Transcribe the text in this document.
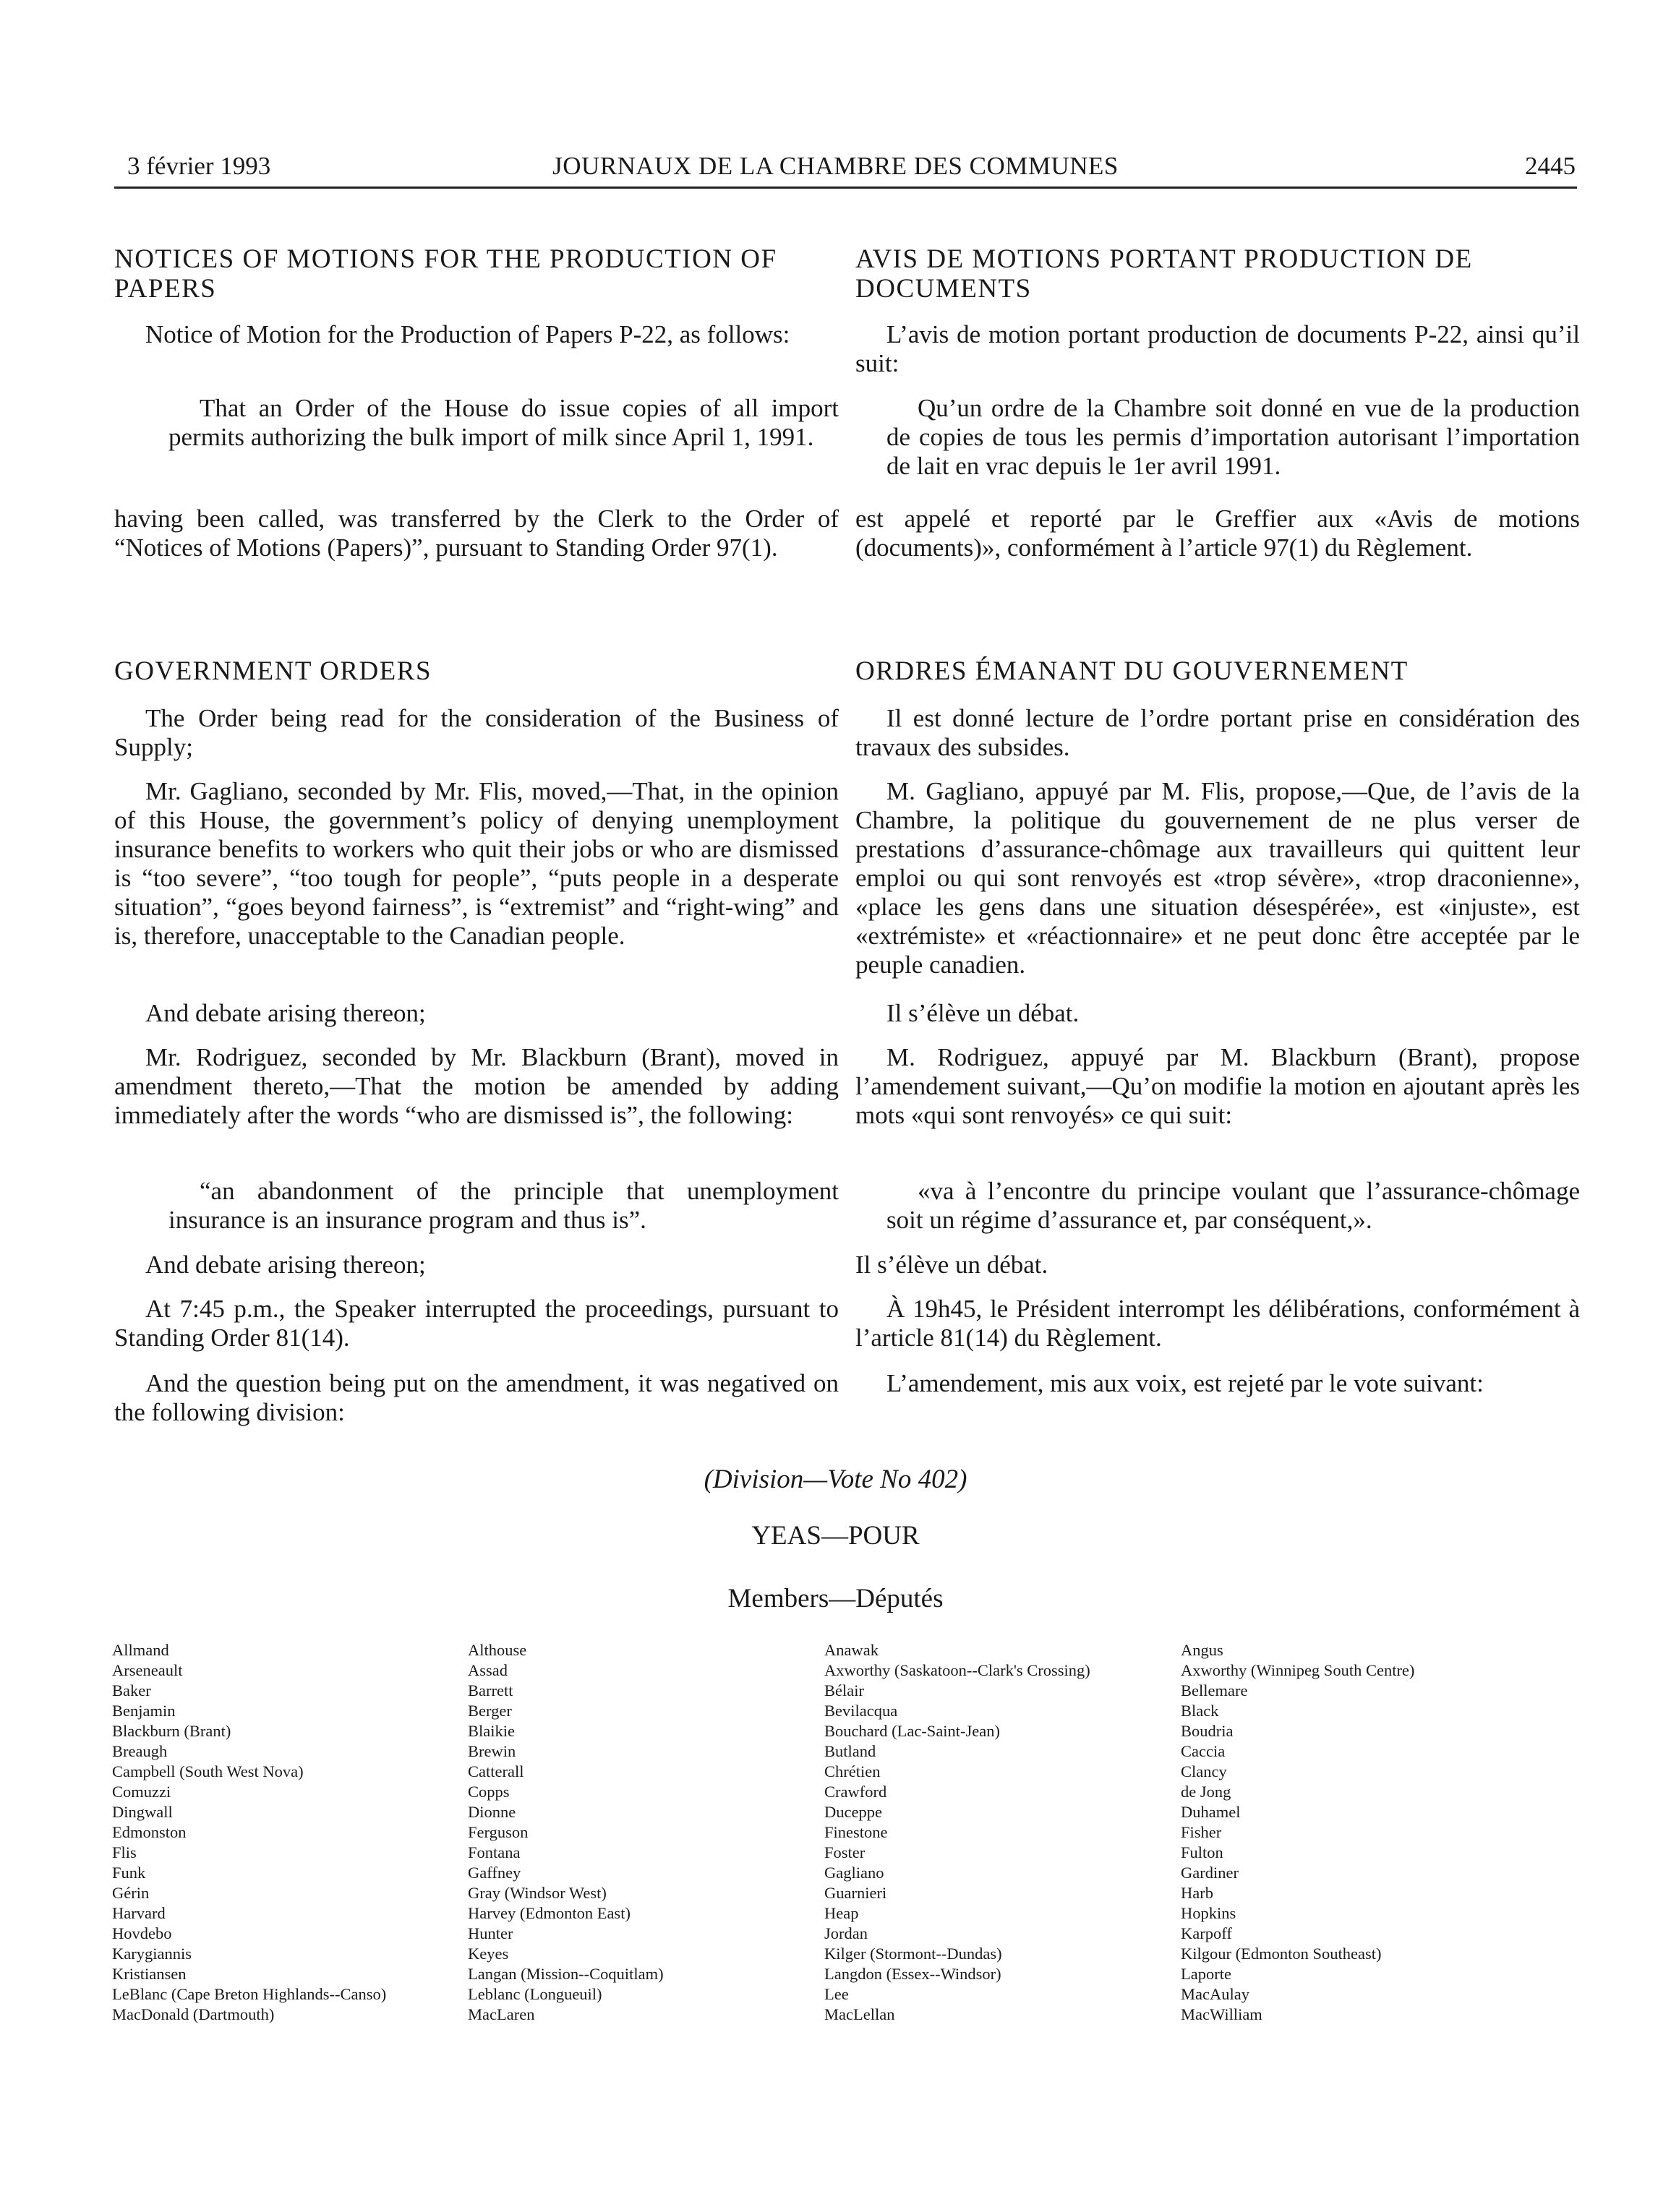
3 février 1993	JOURNAUX DE LA CHAMBRE DES COMMUNES	2445
NOTICES OF MOTIONS FOR THE PRODUCTION OF PAPERS

Notice of Motion for the Production of Papers P-22, as follows:

That an Order of the House do issue copies of all import permits authorizing the bulk import of milk since April 1, 1991.

having been called, was transferred by the Clerk to the Order of “Notices of Motions (Papers)”, pursuant to Standing Order 97(1).

GOVERNMENT ORDERS

The Order being read for the consideration of the Business of Supply;

Mr. Gagliano, seconded by Mr. Flis, moved,—That, in the opinion of this House, the government’s policy of denying unemployment insurance benefits to workers who quit their jobs or who are dismissed is “too severe”, “too tough for people”, “puts people in a desperate situation”, “goes beyond fairness”, is “extremist” and “right-wing” and is, therefore, unacceptable to the Canadian people.

And debate arising thereon;

Mr. Rodriguez, seconded by Mr. Blackburn (Brant), moved in amendment thereto,—That the motion be amended by adding immediately after the words “who are dismissed is”, the following:

“an abandonment of the principle that unemployment insurance is an insurance program and thus is”.

And debate arising thereon;

At 7:45 p.m., the Speaker interrupted the proceedings, pursuant to Standing Order 81(14).

And the question being put on the amendment, it was negatived on the following division:

AVIS DE MOTIONS PORTANT PRODUCTION DE DOCUMENTS

L’avis de motion portant production de documents P-22, ainsi qu’il suit:

Qu’un ordre de la Chambre soit donné en vue de la production de copies de tous les permis d’importation autorisant l’importation de lait en vrac depuis le 1er avril 1991.

est appelé et reporté par le Greffier aux «Avis de motions (documents)», conformément à l’article 97(1) du Règlement.

ORDRES ÉMANANT DU GOUVERNEMENT

Il est donné lecture de l’ordre portant prise en considération des travaux des subsides.

M. Gagliano, appuyé par M. Flis, propose,—Que, de l’avis de la Chambre, la politique du gouvernement de ne plus verser de prestations d’assurance-chômage aux travailleurs qui quittent leur emploi ou qui sont renvoyés est «trop sévère», «trop draconienne», «place les gens dans une situation désespérée», est «injuste», est «extrémiste» et «réactionnaire» et ne peut donc être acceptée par le peuple canadien.

Il s’élève un débat.

M. Rodriguez, appuyé par M. Blackburn (Brant), propose l’amendement suivant,—Qu’on modifie la motion en ajoutant après les mots «qui sont renvoyés» ce qui suit:

«va à l’encontre du principe voulant que l’assurance-chômage soit un régime d’assurance et, par conséquent,».

Il s’élève un débat.

À 19h45, le Président interrompt les délibérations, conformément à l’article 81(14) du Règlement.

L’amendement, mis aux voix, est rejeté par le vote suivant:

(Division—Vote No 402)
YEAS—POUR
Members—Députés
Allmand
Arseneault
Baker
Benjamin
Blackburn (Brant)
Breaugh
Campbell (South West Nova)
Comuzzi
Dingwall
Edmonston
Flis
Funk
Gérin
Harvard
Hovdebo
Karygiannis
Kristiansen
LeBlanc (Cape Breton Highlands--Canso)
MacDonald (Dartmouth)
Althouse
Assad
Barrett
Berger
Blaikie
Brewin
Catterall
Copps
Dionne
Ferguson
Fontana
Gaffney
Gray (Windsor West)
Harvey (Edmonton East)
Hunter
Keyes
Langan (Mission--Coquitlam)
Leblanc (Longueuil)
MacLaren
Anawak
Axworthy (Saskatoon--Clark's Crossing)
Bélair
Bevilacqua
Bouchard (Lac-Saint-Jean)
Butland
Chrétien
Crawford
Duceppe
Finestone
Foster
Gagliano
Guarnieri
Heap
Jordan
Kilger (Stormont--Dundas)
Langdon (Essex--Windsor)
Lee
MacLellan
Angus
Axworthy (Winnipeg South Centre)
Bellemare
Black
Boudria
Caccia
Clancy
de Jong
Duhamel
Fisher
Fulton
Gardiner
Harb
Hopkins
Karpoff
Kilgour (Edmonton Southeast)
Laporte
MacAulay
MacWilliam
